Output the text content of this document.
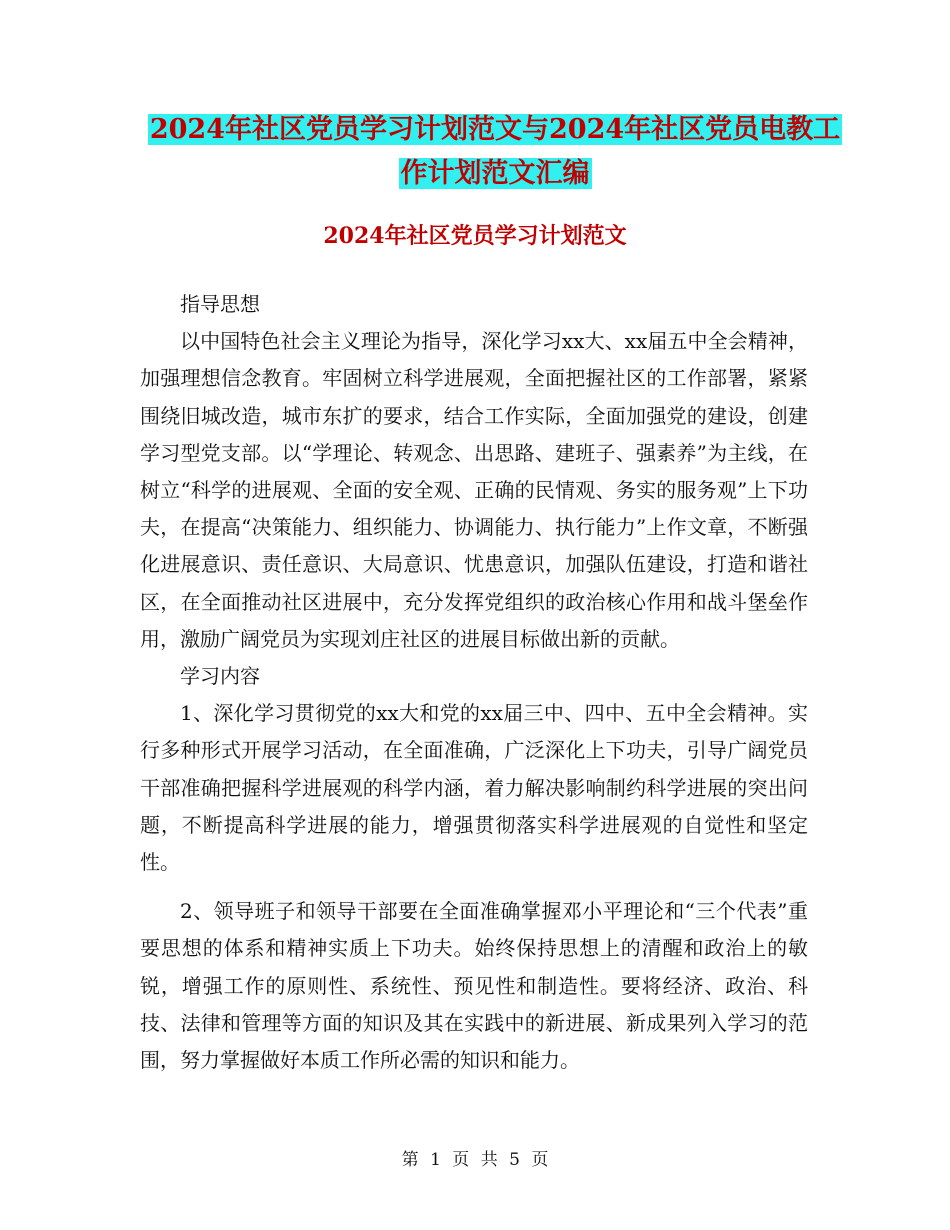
2024年社区党员学习计划范文与2024年社区党员电教工作计划范文汇编
2024年社区党员学习计划范文

指导思想

以中国特色社会主义理论为指导，深化学习xx大、xx届五中全会精神，加强理想信念教育。牢固树立科学进展观，全面把握社区的工作部署，紧紧围绕旧城改造，城市东扩的要求，结合工作实际，全面加强党的建设，创建学习型党支部。以“学理论、转观念、出思路、建班子、强素养”为主线，在树立“科学的进展观、全面的安全观、正确的民情观、务实的服务观”上下功夫，在提高“决策能力、组织能力、协调能力、执行能力”上作文章，不断强化进展意识、责任意识、大局意识、忧患意识，加强队伍建设，打造和谐社区，在全面推动社区进展中，充分发挥党组织的政治核心作用和战斗堡垒作用，激励广阔党员为实现刘庄社区的进展目标做出新的贡献。

学习内容

1、深化学习贯彻党的xx大和党的xx届三中、四中、五中全会精神。实行多种形式开展学习活动，在全面准确，广泛深化上下功夫，引导广阔党员干部准确把握科学进展观的科学内涵，着力解决影响制约科学进展的突出问题，不断提高科学进展的能力，增强贯彻落实科学进展观的自觉性和坚定性。

2、领导班子和领导干部要在全面准确掌握邓小平理论和“三个代表”重要思想的体系和精神实质上下功夫。始终保持思想上的清醒和政治上的敏锐，增强工作的原则性、系统性、预见性和制造性。要将经济、政治、科技、法律和管理等方面的知识及其在实践中的新进展、新成果列入学习的范围，努力掌握做好本质工作所必需的知识和能力。

第 1 页 共 5 页
